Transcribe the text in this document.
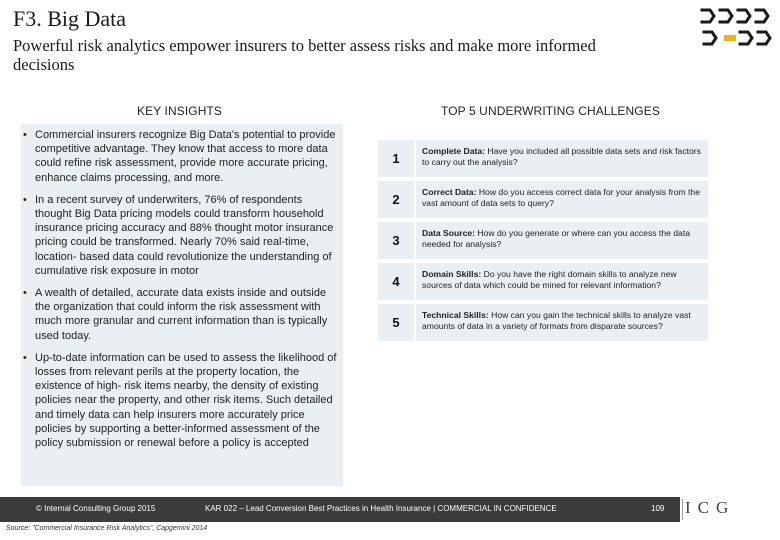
F3. Big Data
Powerful risk analytics empower insurers to better assess risks and make more informed decisions
KEY INSIGHTS	TOP 5 UNDERWRITING CHALLENGES
• Commercial insurers recognize Big Data's potential to provide competitive advantage. They know that access to more data could refine risk assessment, provide more accurate pricing, enhance claims processing, and more.
• In a recent survey of underwriters, 76% of respondents thought Big Data pricing models could transform household insurance pricing accuracy and 88% thought motor insurance pricing could be transformed. Nearly 70% said real-time, location- based data could revolutionize the understanding of cumulative risk exposure in motor
• A wealth of detailed, accurate data exists inside and outside the organization that could inform the risk assessment with much more granular and current information than is typically used today.
• Up-to-date information can be used to assess the likelihood of losses from relevant perils at the property location, the existence of high- risk items nearby, the density of existing policies near the property, and other risk items. Such detailed and timely data can help insurers more accurately price policies by supporting a better-informed assessment of the policy submission or renewal before a policy is accepted
1	Complete Data: Have you included all possible data sets and risk factors to carry out the analysis?
2	Correct Data: How do you access correct data for your analysis from the vast amount of data sets to query?
3	Data Source: How do you generate or where can you access the data needed for analysis?
4	Domain Skills: Do you have the right domain skills to analyze new sources of data which could be mined for relevant information?
5	Technical Skills: How can you gain the technical skills to analyze vast amounts of data in a variety of formats from disparate sources?
© Internal Consulting Group 2015	KAR 022 – Lead Conversion Best Practices in Health Insurance | COMMERCIAL IN CONFIDENCE	109 ICG
Source: "Commercial Insurance Risk Analytics", Capgemini 2014
